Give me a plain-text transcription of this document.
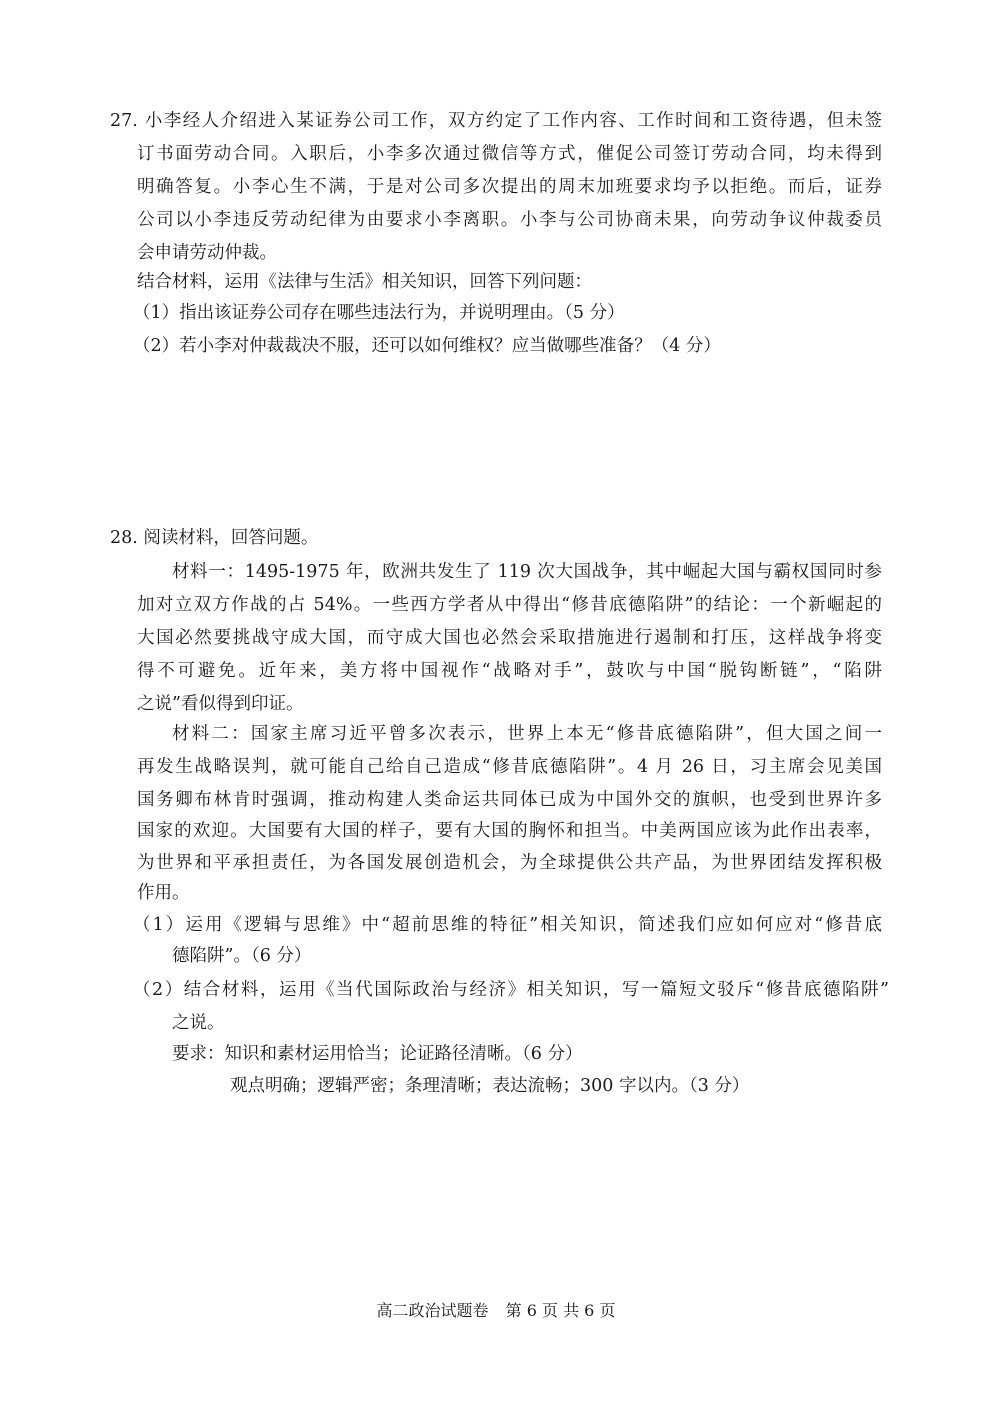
27. 小李经人介绍进入某证券公司工作，双方约定了工作内容、工作时间和工资待遇，但未签
订书面劳动合同。入职后，小李多次通过微信等方式，催促公司签订劳动合同，均未得到
明确答复。小李心生不满，于是对公司多次提出的周末加班要求均予以拒绝。而后，证券
公司以小李违反劳动纪律为由要求小李离职。小李与公司协商未果，向劳动争议仲裁委员
会申请劳动仲裁。
结合材料，运用《法律与生活》相关知识，回答下列问题：
（1）指出该证券公司存在哪些违法行为，并说明理由。（5 分）
（2）若小李对仲裁裁决不服，还可以如何维权？应当做哪些准备？（4 分）
28. 阅读材料，回答问题。
材料一：1495-1975 年，欧洲共发生了 119 次大国战争，其中崛起大国与霸权国同时参
加对立双方作战的占 54%。一些西方学者从中得出“修昔底德陷阱”的结论：一个新崛起的
大国必然要挑战守成大国，而守成大国也必然会采取措施进行遏制和打压，这样战争将变
得不可避免。近年来，美方将中国视作“战略对手”，鼓吹与中国“脱钩断链”，“陷阱
之说”看似得到印证。
材料二：国家主席习近平曾多次表示，世界上本无“修昔底德陷阱”，但大国之间一
再发生战略误判，就可能自己给自己造成“修昔底德陷阱”。4 月 26 日，习主席会见美国
国务卿布林肯时强调，推动构建人类命运共同体已成为中国外交的旗帜，也受到世界许多
国家的欢迎。大国要有大国的样子，要有大国的胸怀和担当。中美两国应该为此作出表率，
为世界和平承担责任，为各国发展创造机会，为全球提供公共产品，为世界团结发挥积极
作用。
（1）运用《逻辑与思维》中“超前思维的特征”相关知识，简述我们应如何应对“修昔底
德陷阱”。（6 分）
（2）结合材料，运用《当代国际政治与经济》相关知识，写一篇短文驳斥“修昔底德陷阱”
之说。
要求：知识和素材运用恰当；论证路径清晰。（6 分）
观点明确；逻辑严密；条理清晰；表达流畅；300 字以内。（3 分）
高二政治试题卷 第 6 页 共 6 页
